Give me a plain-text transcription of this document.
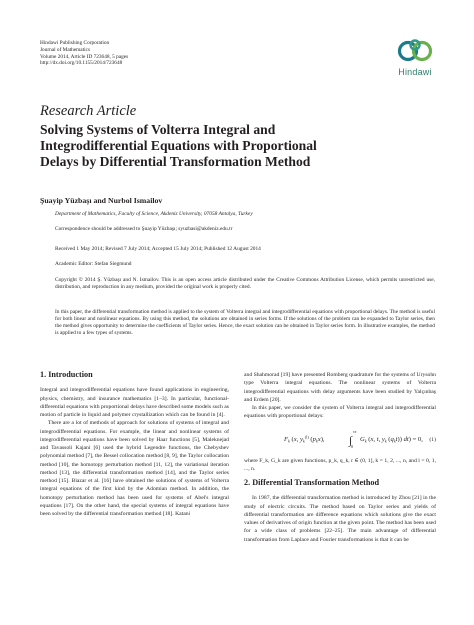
Hindawi Publishing Corporation
Journal of Mathematics
Volume 2014, Article ID 723648, 5 pages
http://dx.doi.org/10.1155/2014/723648
Hindawi
Research Article
Solving Systems of Volterra Integral and
Integrodifferential Equations with Proportional
Delays by Differential Transformation Method
Şuayip Yüzbaşı and Nurbol Ismailov
Department of Mathematics, Faculty of Science, Akdeniz University, 07058 Antalya, Turkey
Correspondence should be addressed to Şuayip Yüzbaşı; syuzbasi@akdeniz.edu.tr
Received 1 May 2014; Revised 7 July 2014; Accepted 15 July 2014; Published 12 August 2014
Academic Editor: Stefan Siegmund
Copyright © 2014 Ş. Yüzbaşı and N. Ismailov. This is an open access article distributed under the Creative Commons Attribution License, which permits unrestricted use, distribution, and reproduction in any medium, provided the original work is properly cited.
In this paper, the differential transformation method is applied to the system of Volterra integral and integrodifferential equations with proportional delays. The method is useful for both linear and nonlinear equations. By using this method, the solutions are obtained in series forms. If the solutions of the problem can be expanded to Taylor series, then the method gives opportunity to determine the coefficients of Taylor series. Hence, the exact solution can be obtained in Taylor series form. In illustrative examples, the method is applied to a few types of systems.
1. Introduction

Integral and integrodifferential equations have found applications in engineering, physics, chemistry, and insurance mathematics [1–3]. In particular, functional-differential equations with proportional delays have described some models such as motion of particle in liquid and polymer crystallization which can be found in [4].

There are a lot of methods of approach for solutions of systems of integral and integrodifferential equations. For example, the linear and nonlinear systems of integrodifferential equations have been solved by Haar functions [5], Maleknejad and Tavassoli Kajani [6] used the hybrid Legendre functions, the Chebyshev polynomial method [7], the Bessel collocation method [8, 9], the Taylor collocation method [10], the homotopy perturbation method [11, 12], the variational iteration method [13], the differential transformation method [14], and the Taylor series method [15]. Biazar et al. [16] have obtained the solutions of systems of Volterra integral equations of the first kind by the Adomian method. In addition, the homotopy perturbation method has been used for systems of Abel's integral equations [17]. On the other hand, the special systems of integral equations have been solved by the differential transformation method [18]. Katani

and Shahmorad [19] have presented Romberg quadrature for the systems of Urysohn type Volterra integral equations. The nonlinear systems of Volterra integrodifferential equations with delay arguments have been studied by Yalçınbaş and Erdem [20].

In this paper, we consider the system of Volterra integral and integrodifferential equations with proportional delays:

$F_k$ (x, $y_k^{(l)}$ $(p_kx)$, ∫
rx
0
$G_k$ (x, t, $y_k$ $(q_kt)$) dt) = 0, (1)

where F_k, G_k are given functions, p_k, q_k, r ∈ (0, 1], k = 1, 2, ..., n, and l = 0, 1, ..., n.

2. Differential Transformation Method

In 1987, the differential transformation method is introduced by Zhou [21] in the study of electric circuits. The method based on Taylor series and yields of differential transformation are difference equations which solutions give the exact values of derivatives of origin function at the given point. The method has been used for a wide class of problems [22–25]. The main advantage of differential transformation from Laplace and Fourier transformations is that it can be
